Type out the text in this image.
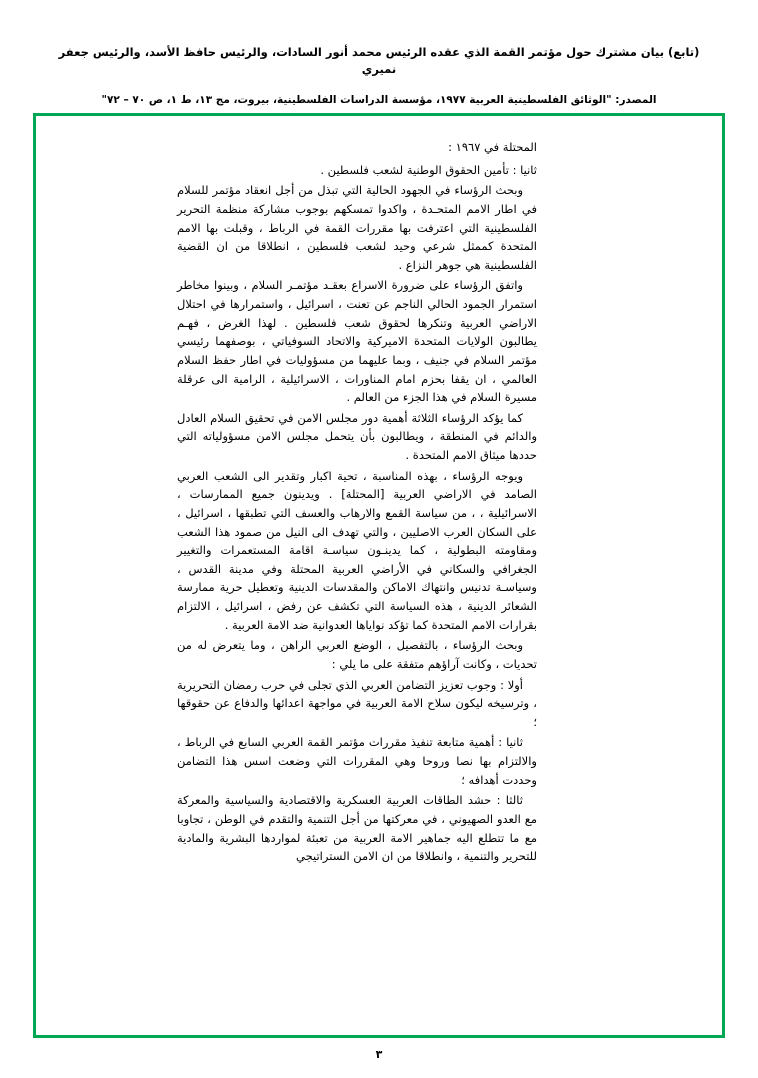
(تابع) بيان مشترك حول مؤتمر القمة الذي عقده الرئيس محمد أنور السادات، والرئيس حافظ الأسد، والرئيس جعفر نميري
المصدر: "الوثائق الفلسطينية العربية ١٩٧٧، مؤسسة الدراسات الفلسطينية، بيروت، مج ١٣، ط ١، ص ٧٠ – ٧٢"
المحتلة في ١٩٦٧ :

ثانيا : تأمين الحقوق الوطنية لشعب فلسطين .

وبحث الرؤساء في الجهود الحالية التي تبذل من أجل انعقاد مؤتمر للسلام في اطار الامم المتحـدة ، واكدوا تمسكهم بوجوب مشاركة منظمة التحرير الفلسطينية التي اعترفت بها مقررات القمة في الرباط ، وقبلت بها الامم المتحدة كممثل شرعي وحيد لشعب فلسطين ، انطلاقا من ان القضية الفلسطينية هي جوهر النزاع .

واتفق الرؤساء على ضرورة الاسراع بعقـد مؤتمـر السلام ، وبينوا مخاطر استمرار الجمود الحالي الناجم عن تعنت ، اسرائيل ، واستمرارها في احتلال الاراضي العربية وتنكرها لحقوق شعب فلسطين . لهذا الغرض ، فهـم يطالبون الولايات المتحدة الاميركية والاتحاد السوفياتي ، بوصفهما رئيسي مؤتمر السلام في جنيف ، وبما عليهما من مسؤوليات في اطار حفظ السلام العالمي ، ان يقفا بحزم امام المناورات ، الاسرائيلية ، الرامية الى عرقلة مسيرة السلام في هذا الجزء من العالم .

كما يؤكد الرؤساء الثلاثة أهمية دور مجلس الامن في تحقيق السلام العادل والدائم في المنطقة ، ويطالبون بأن يتحمل مجلس الامن مسؤولياته التي حددها ميثاق الامم المتحدة .

ويوجه الرؤساء ، بهذه المناسبة ، تحية اكبار وتقدير الى الشعب العربي الصامد في الاراضي العربية [المحتلة] . ويدينون جميع الممارسات ، الاسرائيلية ، ، من سياسة القمع والارهاب والعسف التي تطبقها ، اسرائيل ، على السكان العرب الاصليين ، والتي تهدف الى النيل من صمود هذا الشعب ومقاومته البطولية ، كما يدينـون سياسـة اقامة المستعمرات والتغيير الجغرافي والسكاني في الأراضي العربية المحتلة وفي مدينة القدس ، وسياسـة تدنيس وانتهاك الاماكن والمقدسات الدينية وتعطيل حرية ممارسة الشعائر الدينية ، هذه السياسة التي تكشف عن رفض ، اسرائيل ، الالتزام بقرارات الامم المتحدة كما تؤكد نواياها العدوانية ضد الامة العربية .

وبحث الرؤساء ، بالتفصيل ، الوضع العربي الراهن ، وما يتعرض له من تحديات ، وكانت آراؤهم متفقة على ما يلي :

أولا : وجوب تعزيز التضامن العربي الذي تجلى في حرب رمضان التحريرية ، وترسيخه ليكون سلاح الامة العربية في مواجهة اعدائها والدفاع عن حقوقها ؛

ثانيا : أهمية متابعة تنفيذ مقررات مؤتمر القمة العربي السابع في الرباط ، والالتزام بها نصا وروحا وهي المقررات التي وضعت اسس هذا التضامن وحددت أهدافه ؛

ثالثا : حشد الطاقات العربية العسكرية والاقتصادية والسياسية والمعركة مع العدو الصهيوني ، في معركتها من أجل التنمية والتقدم في الوطن ، تجاوبا مع ما تتطلع اليه جماهير الامة العربية من تعبئة لمواردها البشرية والمادية للتحرير والتنمية ، وانطلاقا من ان الامن الستراتيجي

٣
